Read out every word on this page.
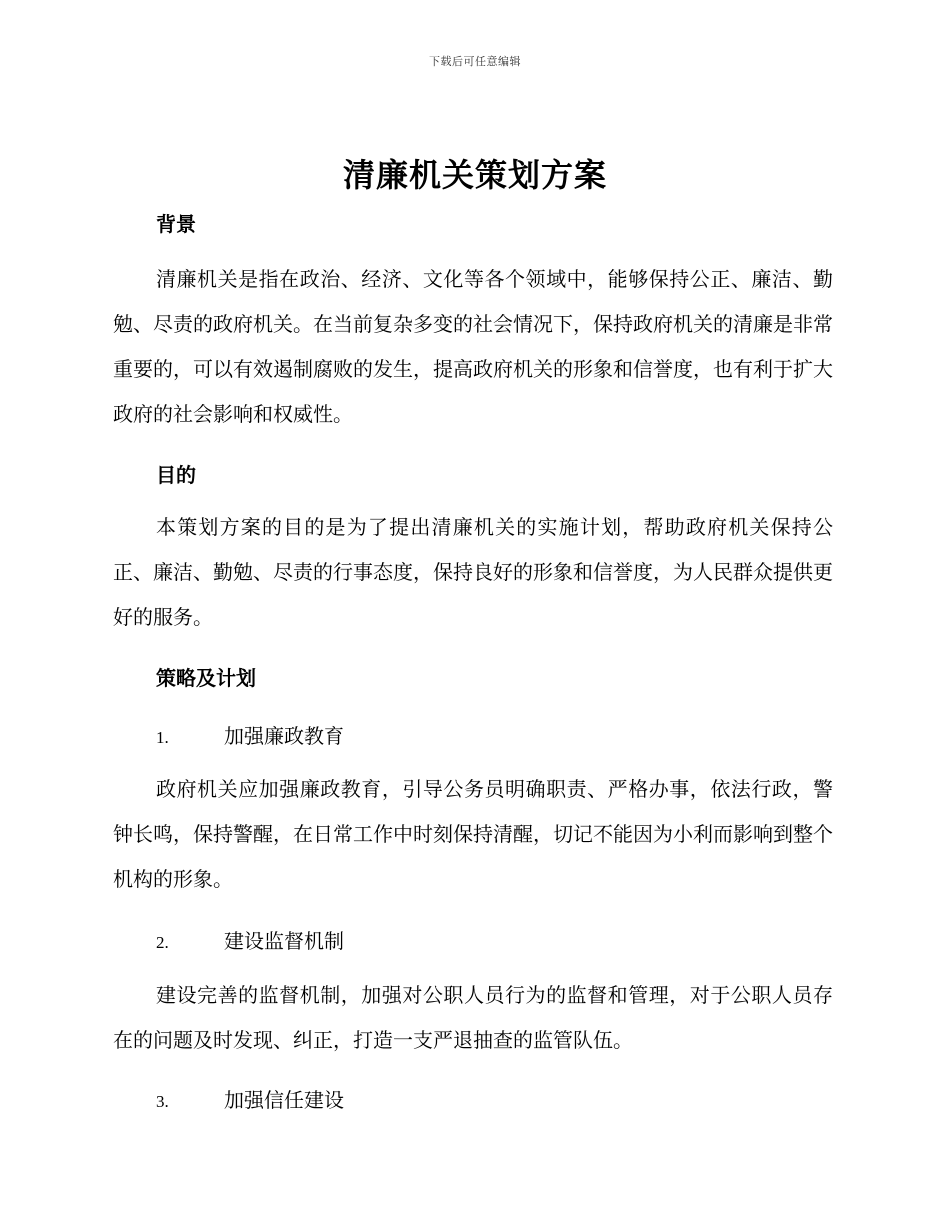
下载后可任意编辑
清廉机关策划方案
背景

清廉机关是指在政治、经济、文化等各个领域中，能够保持公正、廉洁、勤勉、尽责的政府机关。在当前复杂多变的社会情况下，保持政府机关的清廉是非常重要的，可以有效遏制腐败的发生，提高政府机关的形象和信誉度，也有利于扩大政府的社会影响和权威性。

目的

本策划方案的目的是为了提出清廉机关的实施计划，帮助政府机关保持公正、廉洁、勤勉、尽责的行事态度，保持良好的形象和信誉度，为人民群众提供更好的服务。

策略及计划
1.	加强廉政教育

政府机关应加强廉政教育，引导公务员明确职责、严格办事，依法行政，警钟长鸣，保持警醒，在日常工作中时刻保持清醒，切记不能因为小利而影响到整个机构的形象。

2.	建设监督机制

建设完善的监督机制，加强对公职人员行为的监督和管理，对于公职人员存在的问题及时发现、纠正，打造一支严退抽查的监管队伍。

3.	加强信任建设
